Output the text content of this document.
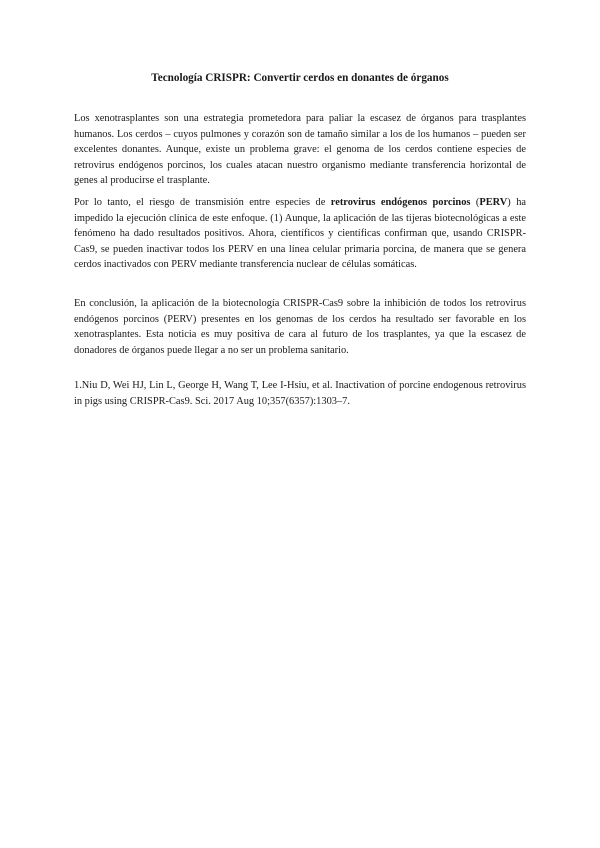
Tecnología CRISPR: Convertir cerdos en donantes de órganos

Los xenotrasplantes son una estrategia prometedora para paliar la escasez de órganos para trasplantes humanos. Los cerdos – cuyos pulmones y corazón son de tamaño similar a los de los humanos – pueden ser excelentes donantes. Aunque, existe un problema grave: el genoma de los cerdos contiene especies de retrovirus endógenos porcinos, los cuales atacan nuestro organismo mediante transferencia horizontal de genes al producirse el trasplante.

Por lo tanto, el riesgo de transmisión entre especies de retrovirus endógenos porcinos (PERV) ha impedido la ejecución clínica de este enfoque. (1) Aunque, la aplicación de las tijeras biotecnológicas a este fenómeno ha dado resultados positivos. Ahora, científicos y científicas confirman que, usando CRISPR-Cas9, se pueden inactivar todos los PERV en una línea celular primaria porcina, de manera que se genera cerdos inactivados con PERV mediante transferencia nuclear de células somáticas.

En conclusión, la aplicación de la biotecnología CRISPR-Cas9 sobre la inhibición de todos los retrovirus endógenos porcinos (PERV) presentes en los genomas de los cerdos ha resultado ser favorable en los xenotrasplantes. Esta noticia es muy positiva de cara al futuro de los trasplantes, ya que la escasez de donadores de órganos puede llegar a no ser un problema sanitario.

1.Niu D, Wei HJ, Lin L, George H, Wang T, Lee I-Hsiu, et al. Inactivation of porcine endogenous retrovirus in pigs using CRISPR-Cas9. Sci. 2017 Aug 10;357(6357):1303–7.
